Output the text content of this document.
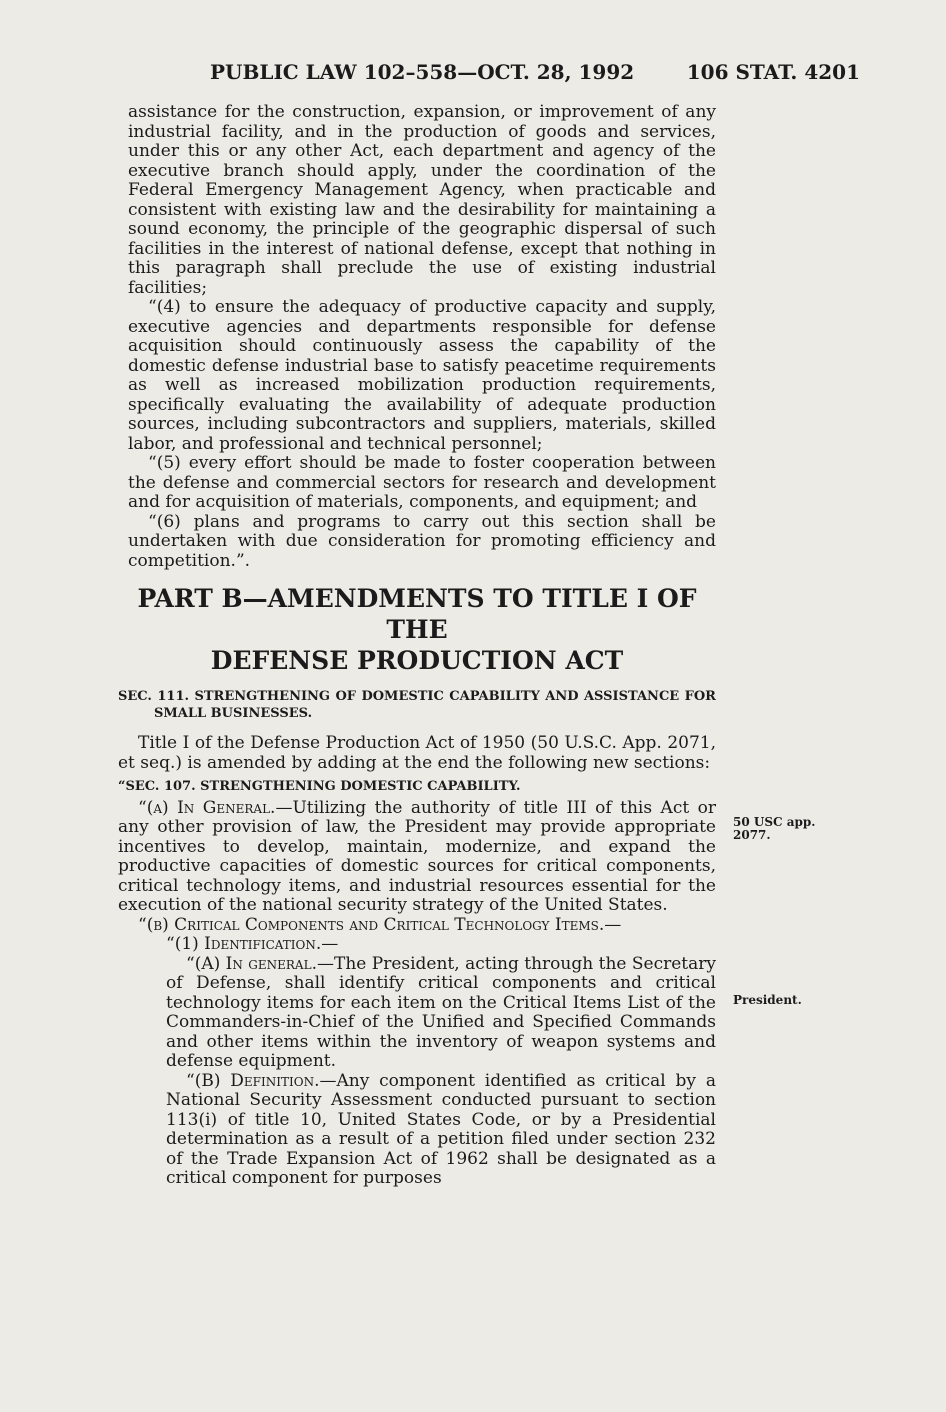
PUBLIC LAW 102–558—OCT. 28, 1992	106 STAT. 4201

assistance for the construction, expansion, or improvement of any industrial facility, and in the production of goods and services, under this or any other Act, each department and agency of the executive branch should apply, under the coordination of the Federal Emergency Management Agency, when practicable and consistent with existing law and the desirability for maintaining a sound economy, the principle of the geographic dispersal of such facilities in the interest of national defense, except that nothing in this paragraph shall preclude the use of existing industrial facilities;

“(4) to ensure the adequacy of productive capacity and supply, executive agencies and departments responsible for defense acquisition should continuously assess the capability of the domestic defense industrial base to satisfy peacetime requirements as well as increased mobilization production requirements, specifically evaluating the availability of adequate production sources, including subcontractors and suppliers, materials, skilled labor, and professional and technical personnel;

“(5) every effort should be made to foster cooperation between the defense and commercial sectors for research and development and for acquisition of materials, components, and equipment; and

“(6) plans and programs to carry out this section shall be undertaken with due consideration for promoting efficiency and competition.”.

PART B—AMENDMENTS TO TITLE I OF THE
DEFENSE PRODUCTION ACT

SEC. 111. STRENGTHENING OF DOMESTIC CAPABILITY AND ASSISTANCE FOR SMALL BUSINESSES.

Title I of the Defense Production Act of 1950 (50 U.S.C. App. 2071, et seq.) is amended by adding at the end the following new sections:

“SEC. 107. STRENGTHENING DOMESTIC CAPABILITY.

“(a) In General.—Utilizing the authority of title III of this Act or any other provision of law, the President may provide appropriate incentives to develop, maintain, modernize, and expand the productive capacities of domestic sources for critical components, critical technology items, and industrial resources essential for the execution of the national security strategy of the United States.

“(b) Critical Components and Critical Technology Items.—

“(1) Identification.—

“(A) In general.—The President, acting through the Secretary of Defense, shall identify critical components and critical technology items for each item on the Critical Items List of the Commanders-in-Chief of the Unified and Specified Commands and other items within the inventory of weapon systems and defense equipment.

“(B) Definition.—Any component identified as critical by a National Security Assessment conducted pursuant to section 113(i) of title 10, United States Code, or by a Presidential determination as a result of a petition filed under section 232 of the Trade Expansion Act of 1962 shall be designated as a critical component for purposes

50 USC app.
2077.
President.
